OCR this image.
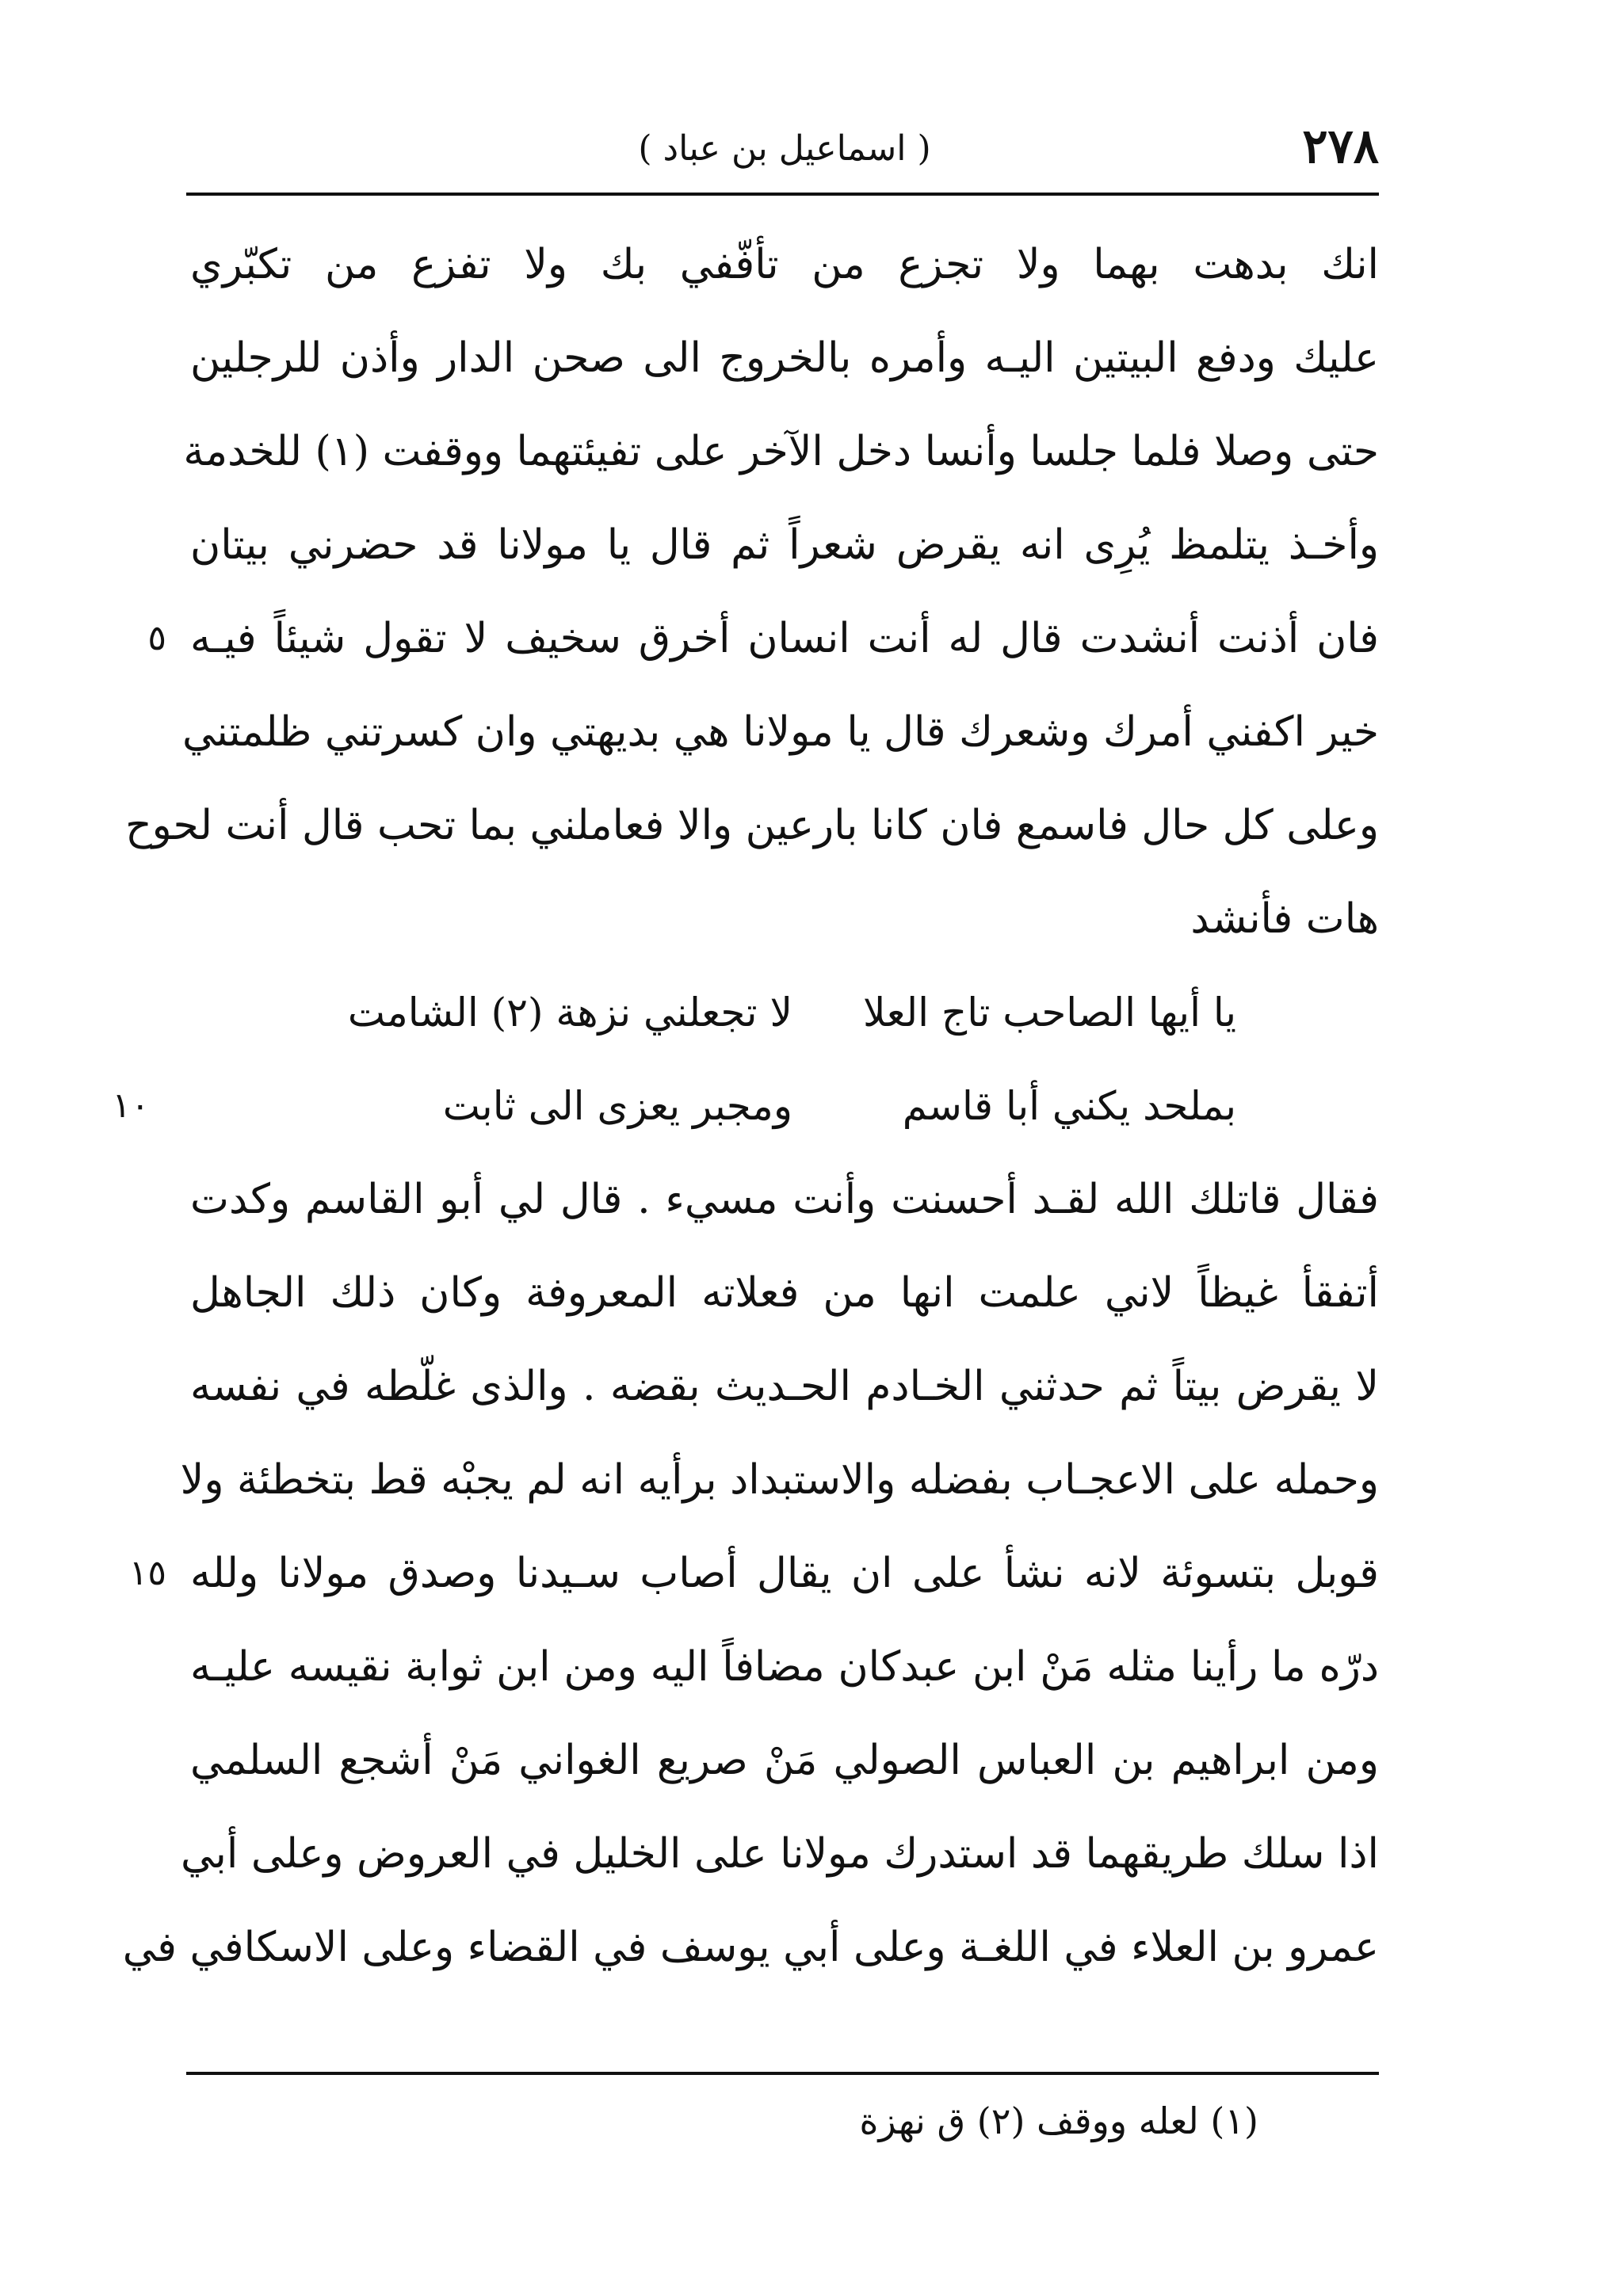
٢٧٨
( اسماعيل بن عباد )
انك بدهت بهما ولا تجزع من تأفّفي بك ولا تفزع من تكبّري
عليك ودفع البيتين اليـه وأمره بالخروج الى صحن الدار وأذن للرجلين
حتى وصلا فلما جلسا وأنسا دخل الآخر على تفيئتهما ووقفت (١) للخدمة
وأخـذ يتلمظ يُرِى انه يقرض شعراً ثم قال يا مولانا قد حضرني بيتان
٥ فان أذنت أنشدت قال له أنت انسان أخرق سخيف لا تقول شيئاً فيـه
خير اكفني أمرك وشعرك قال يا مولانا هي بديهتي وان كسرتني ظلمتني
وعلى كل حال فاسمع فان كانا بارعين والا فعاملني بما تحب قال أنت لحوح
هات فأنشد
يا أيها الصاحب تاج العلا
لا تجعلني نزهة (٢) الشامت
١٠	بملحد يكني أبا قاسم
ومجبر يعزى الى ثابت
فقال قاتلك الله لقـد أحسنت وأنت مسيء . قال لي أبو القاسم وكدت
أتفقأ غيظاً لاني علمت انها من فعلاته المعروفة وكان ذلك الجاهل
لا يقرض بيتاً ثم حدثني الخـادم الحـديث بقضه . والذى غلّطه في نفسه
وحمله على الاعجـاب بفضله والاستبداد برأيه انه لم يجبْه قط بتخطئة ولا
١٥ قوبل بتسوئة لانه نشأ على ان يقال أصاب سـيدنا وصدق مولانا ولله
درّه ما رأينا مثله مَنْ ابن عبدكان مضافاً اليه ومن ابن ثوابة نقيسه عليـه
ومن ابراهيم بن العباس الصولي مَنْ صريع الغواني مَنْ أشجع السلمي
اذا سلك طريقهما قد استدرك مولانا على الخليل في العروض وعلى أبي
عمرو بن العلاء في اللغـة وعلى أبي يوسف في القضاء وعلى الاسكافي في
(١) لعله ووقف (٢) ق نهزة
